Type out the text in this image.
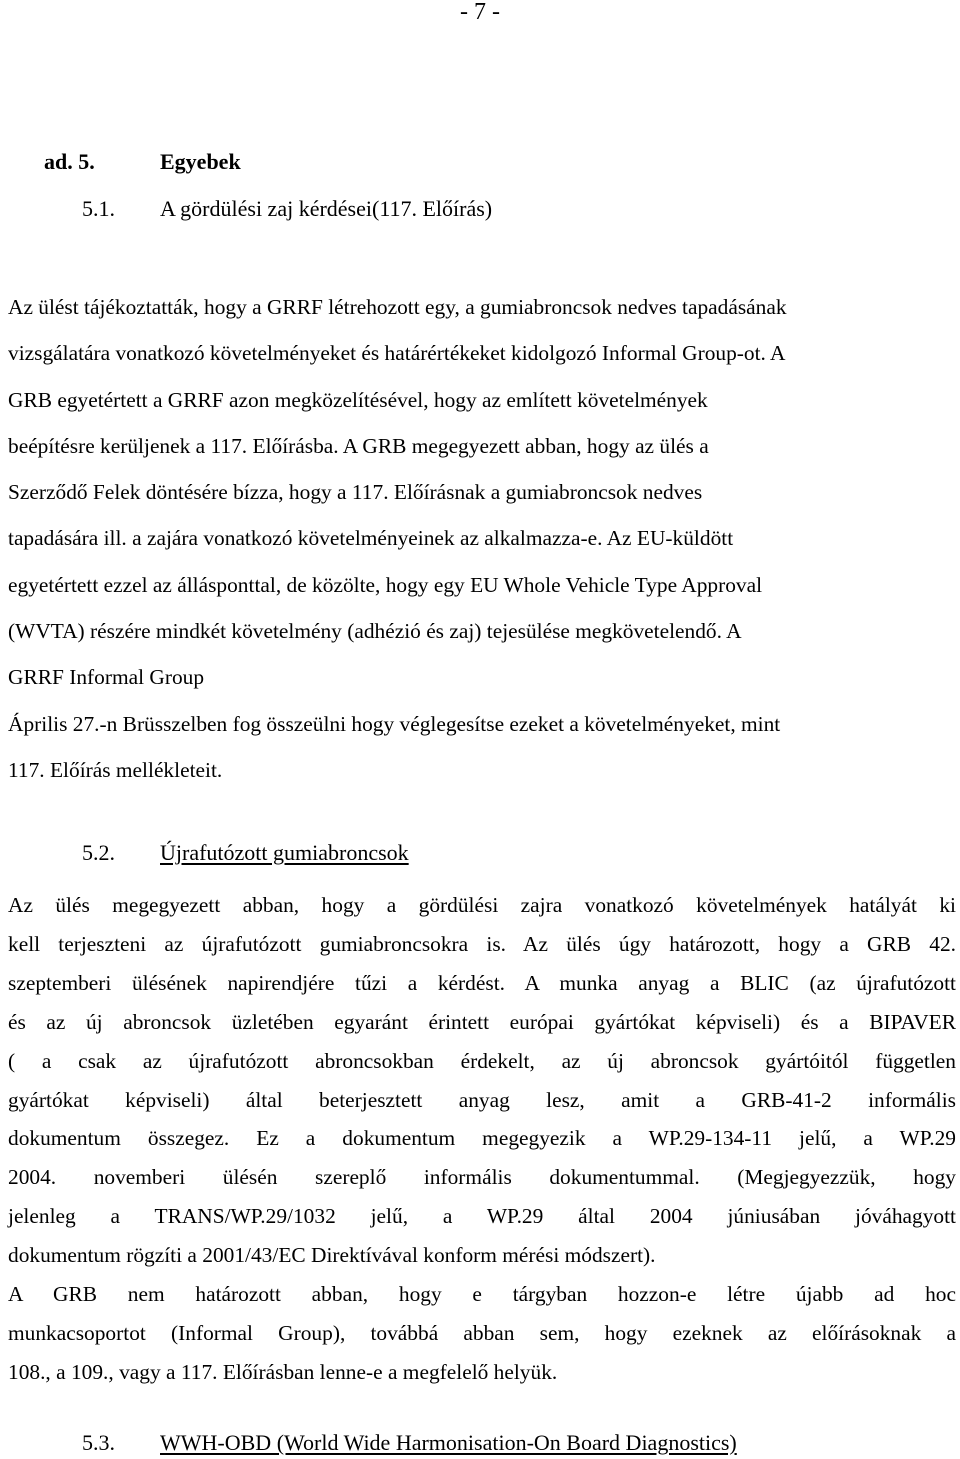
- 7 -
ad. 5.	Egyebek
5.1. A gördülési zaj kérdései(117. Előírás)
Az ülést tájékoztatták, hogy a GRRF létrehozott egy, a gumiabroncsok nedves tapadásának
vizsgálatára vonatkozó követelményeket és határértékeket kidolgozó Informal Group-ot. A
GRB egyetértett a GRRF azon megközelítésével, hogy az említett követelmények
beépítésre kerüljenek a 117. Előírásba. A GRB megegyezett abban, hogy az ülés a
Szerződő Felek döntésére bízza, hogy a 117. Előírásnak a gumiabroncsok nedves
tapadására ill. a zajára vonatkozó követelményeinek az alkalmazza-e. Az EU-küldött
egyetértett ezzel az állásponttal, de közölte, hogy egy EU Whole Vehicle Type Approval
(WVTA) részére mindkét követelmény (adhézió és zaj) tejesülése megkövetelendő. A
GRRF Informal Group
Április 27.-n Brüsszelben fog összeülni hogy véglegesítse ezeket a követelményeket, mint
117. Előírás mellékleteit.
5.2. Újrafutózott gumiabroncsok
Az ülés megegyezett abban, hogy a gördülési zajra vonatkozó követelmények hatályát ki
kell terjeszteni az újrafutózott gumiabroncsokra is. Az ülés úgy határozott, hogy a GRB 42.
szeptemberi ülésének napirendjére tűzi a kérdést. A munka anyag a BLIC (az újrafutózott
és az új abroncsok üzletében egyaránt érintett európai gyártókat képviseli) és a BIPAVER
( a csak az újrafutózott abroncsokban érdekelt, az új abroncsok gyártóitól független
gyártókat képviseli) által beterjesztett anyag lesz, amit a GRB-41-2 informális
dokumentum összegez. Ez a dokumentum megegyezik a WP.29-134-11 jelű, a WP.29
2004. novemberi ülésén szereplő informális dokumentummal. (Megjegyezzük, hogy
jelenleg a TRANS/WP.29/1032 jelű, a WP.29 által 2004 júniusában jóváhagyott
dokumentum rögzíti a 2001/43/EC Direktívával konform mérési módszert).
A GRB nem határozott abban, hogy e tárgyban hozzon-e létre újabb ad hoc
munkacsoportot (Informal Group), továbbá abban sem, hogy ezeknek az előírásoknak a
108., a 109., vagy a 117. Előírásban lenne-e a megfelelő helyük.
5.3. WWH-OBD (World Wide Harmonisation-On Board Diagnostics)
